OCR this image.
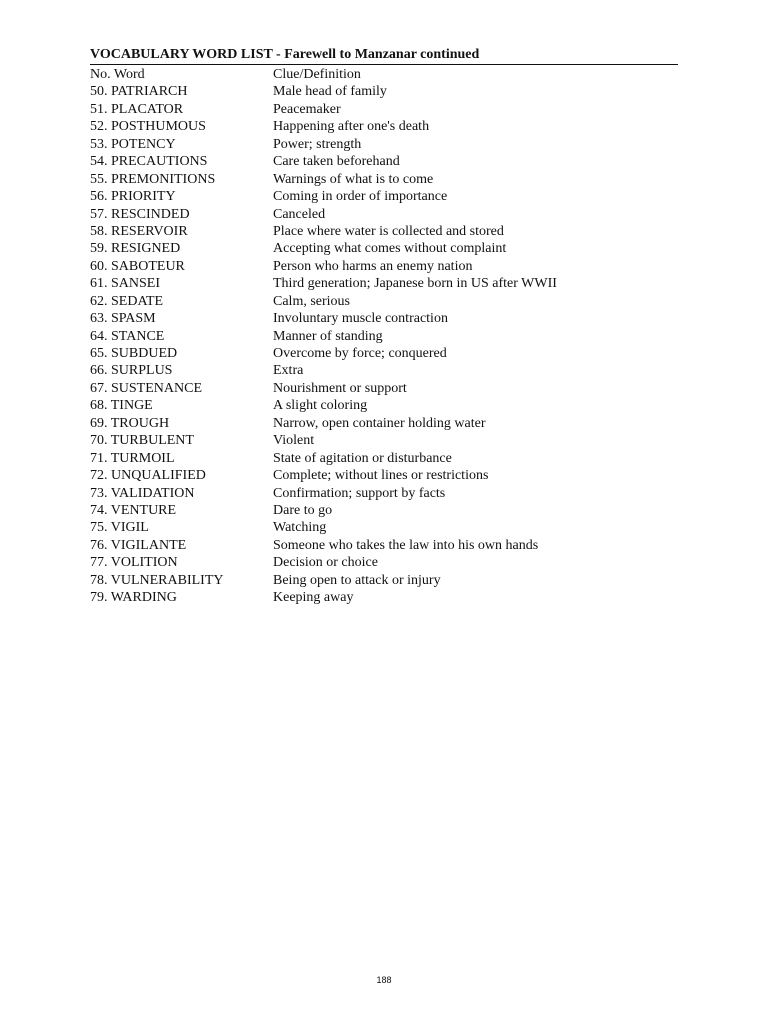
VOCABULARY WORD LIST - Farewell to Manzanar continued
No. Word	Clue/Definition
50. PATRIARCH	Male head of family
51. PLACATOR	Peacemaker
52. POSTHUMOUS	Happening after one's death
53. POTENCY	Power; strength
54. PRECAUTIONS	Care taken beforehand
55. PREMONITIONS	Warnings of what is to come
56. PRIORITY	Coming in order of importance
57. RESCINDED	Canceled
58. RESERVOIR	Place where water is collected and stored
59. RESIGNED	Accepting what comes without complaint
60. SABOTEUR	Person who harms an enemy nation
61. SANSEI	Third generation; Japanese born in US after WWII
62. SEDATE	Calm, serious
63. SPASM	Involuntary muscle contraction
64. STANCE	Manner of standing
65. SUBDUED	Overcome by force; conquered
66. SURPLUS	Extra
67. SUSTENANCE	Nourishment or support
68. TINGE	A slight coloring
69. TROUGH	Narrow, open container holding water
70. TURBULENT	Violent
71. TURMOIL	State of agitation or disturbance
72. UNQUALIFIED	Complete; without lines or restrictions
73. VALIDATION	Confirmation; support by facts
74. VENTURE	Dare to go
75. VIGIL	Watching
76. VIGILANTE	Someone who takes the law into his own hands
77. VOLITION	Decision or choice
78. VULNERABILITY	Being open to attack or injury
79. WARDING	Keeping away
188
